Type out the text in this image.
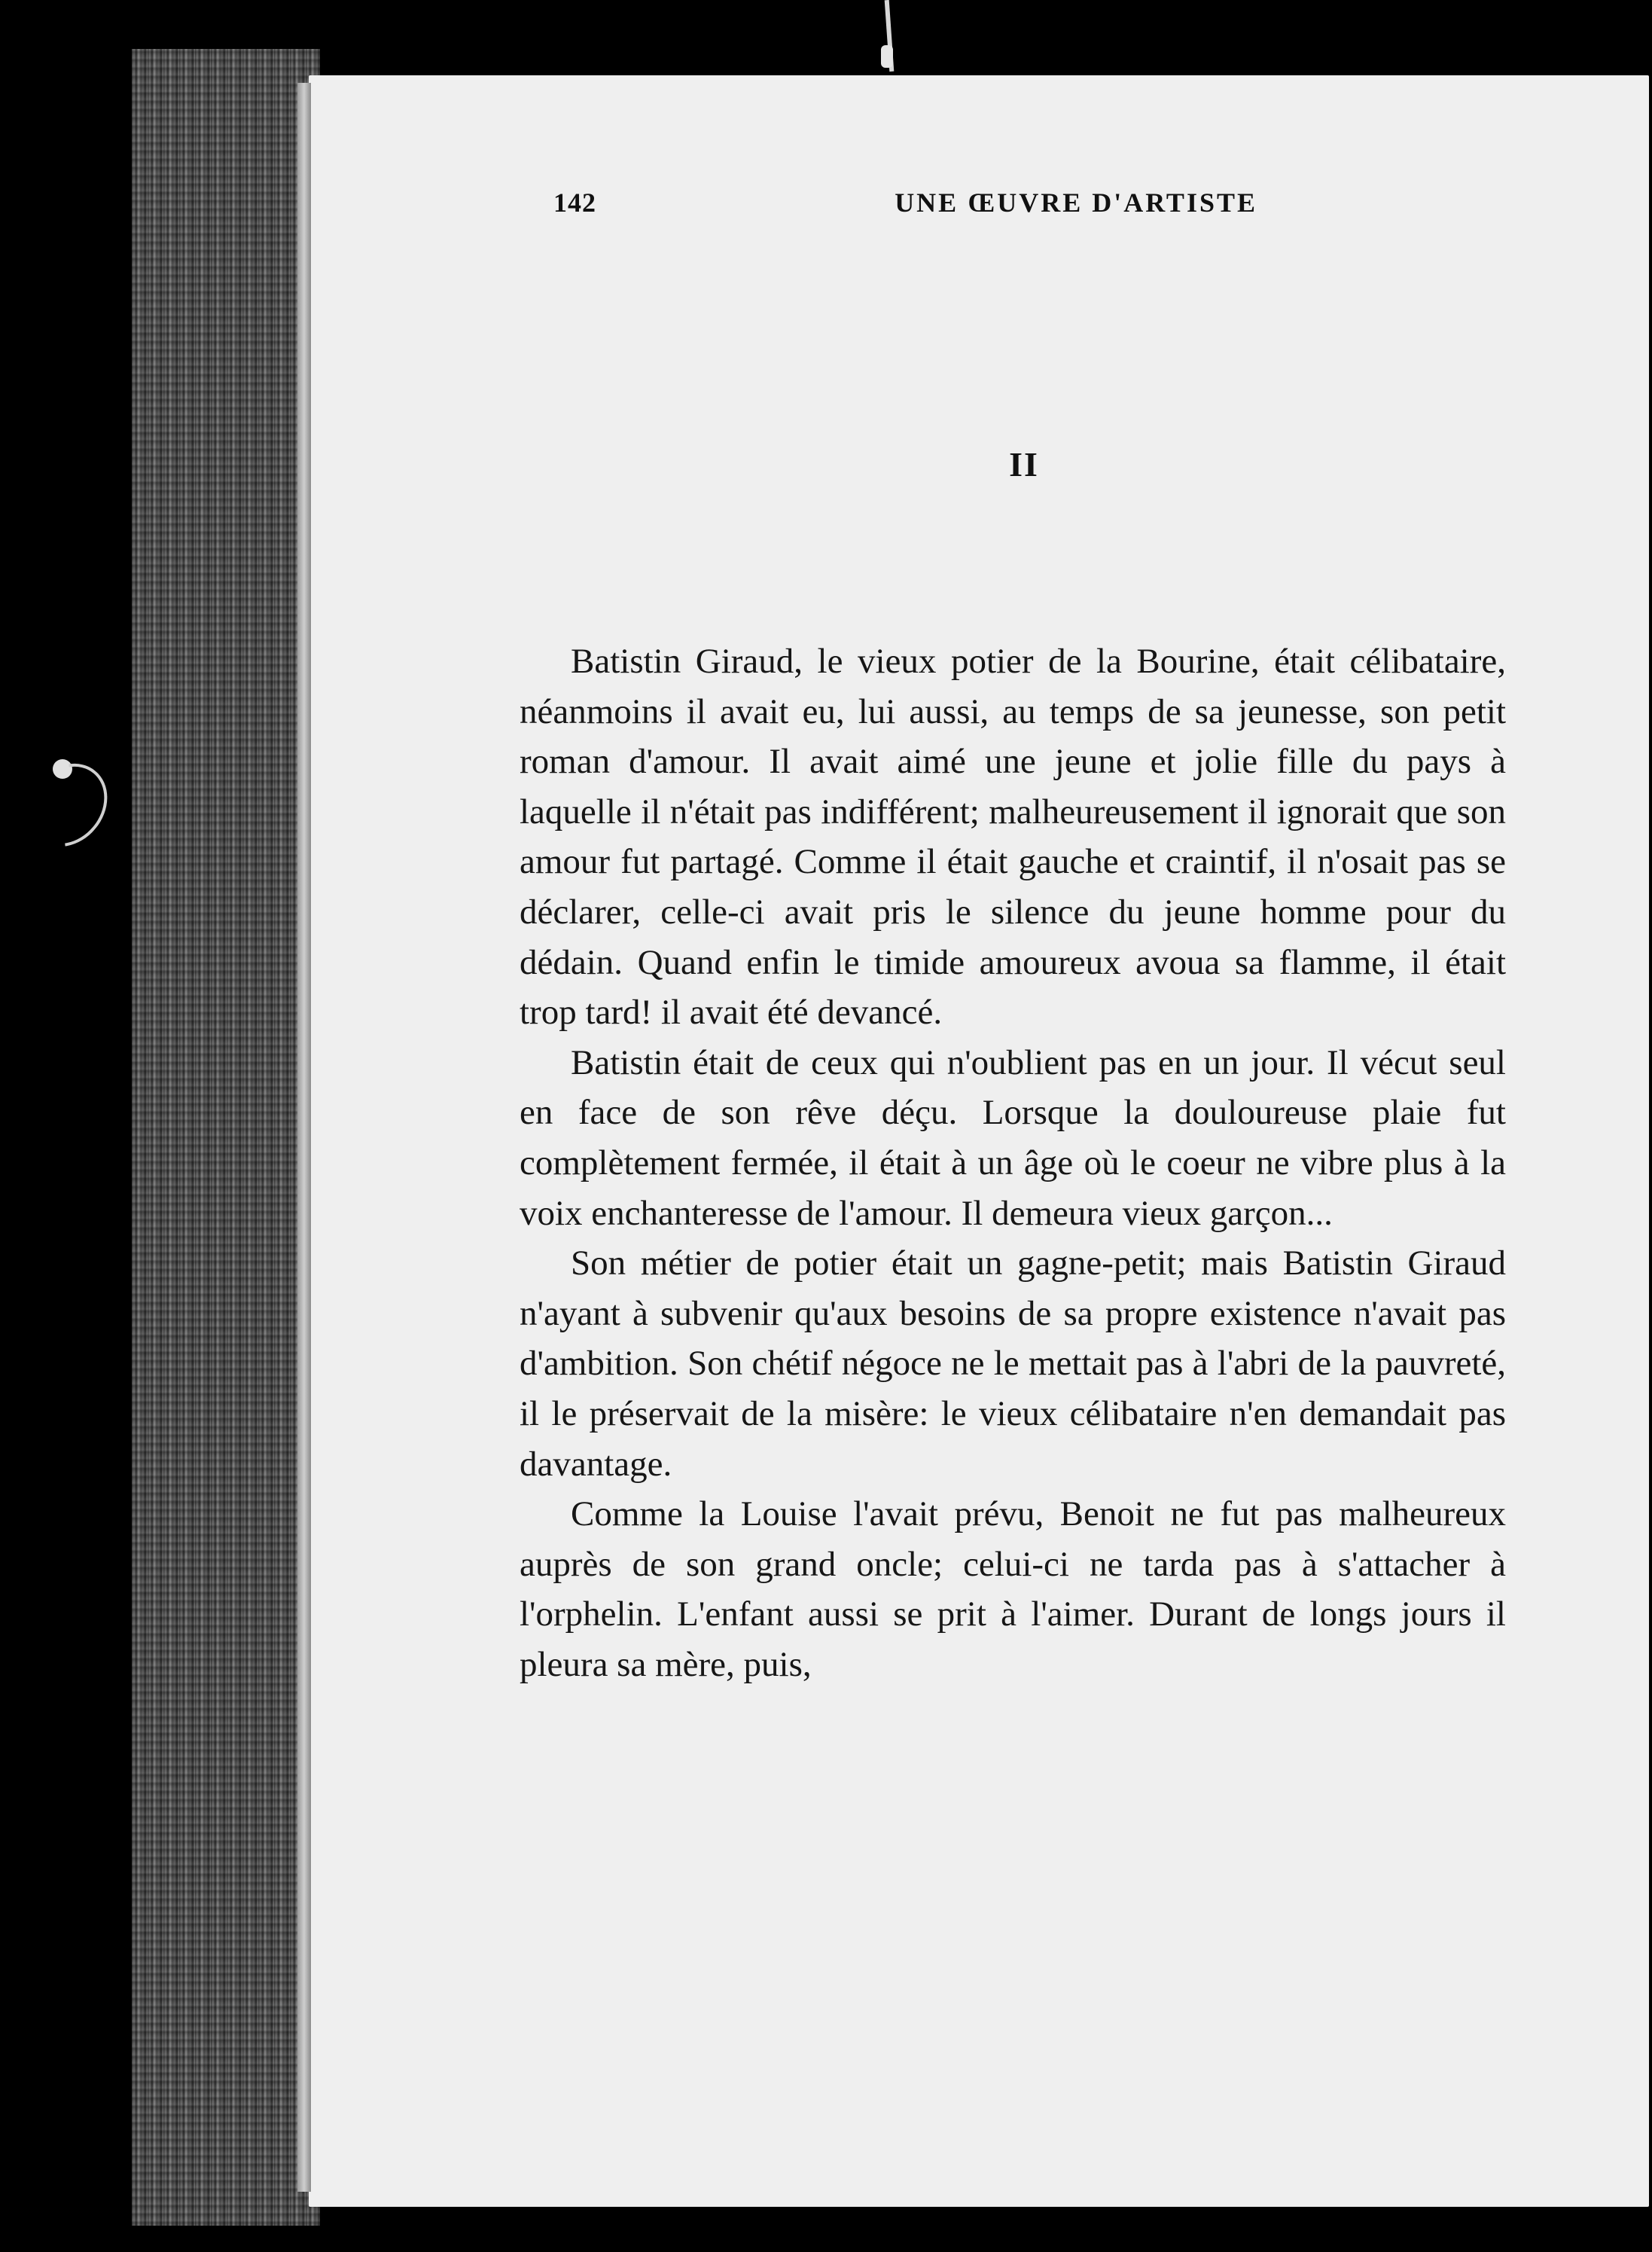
142	UNE ŒUVRE D'ARTISTE
II

Batistin Giraud, le vieux potier de la Bourine, était célibataire, néanmoins il avait eu, lui aussi, au temps de sa jeunesse, son petit roman d'amour. Il avait aimé une jeune et jolie fille du pays à laquelle il n'était pas indifférent; malheureusement il ignorait que son amour fut partagé. Comme il était gauche et craintif, il n'osait pas se déclarer, celle-ci avait pris le silence du jeune homme pour du dédain. Quand enfin le timide amoureux avoua sa flamme, il était trop tard! il avait été devancé.

Batistin était de ceux qui n'oublient pas en un jour. Il vécut seul en face de son rêve déçu. Lorsque la douloureuse plaie fut complètement fermée, il était à un âge où le coeur ne vibre plus à la voix enchanteresse de l'amour. Il demeura vieux garçon...

Son métier de potier était un gagne-petit; mais Batistin Giraud n'ayant à subvenir qu'aux besoins de sa propre existence n'avait pas d'ambition. Son chétif négoce ne le mettait pas à l'abri de la pauvreté, il le préservait de la misère: le vieux célibataire n'en demandait pas davantage.

Comme la Louise l'avait prévu, Benoit ne fut pas malheureux auprès de son grand oncle; celui-ci ne tarda pas à s'attacher à l'orphelin. L'enfant aussi se prit à l'aimer. Durant de longs jours il pleura sa mère, puis,
